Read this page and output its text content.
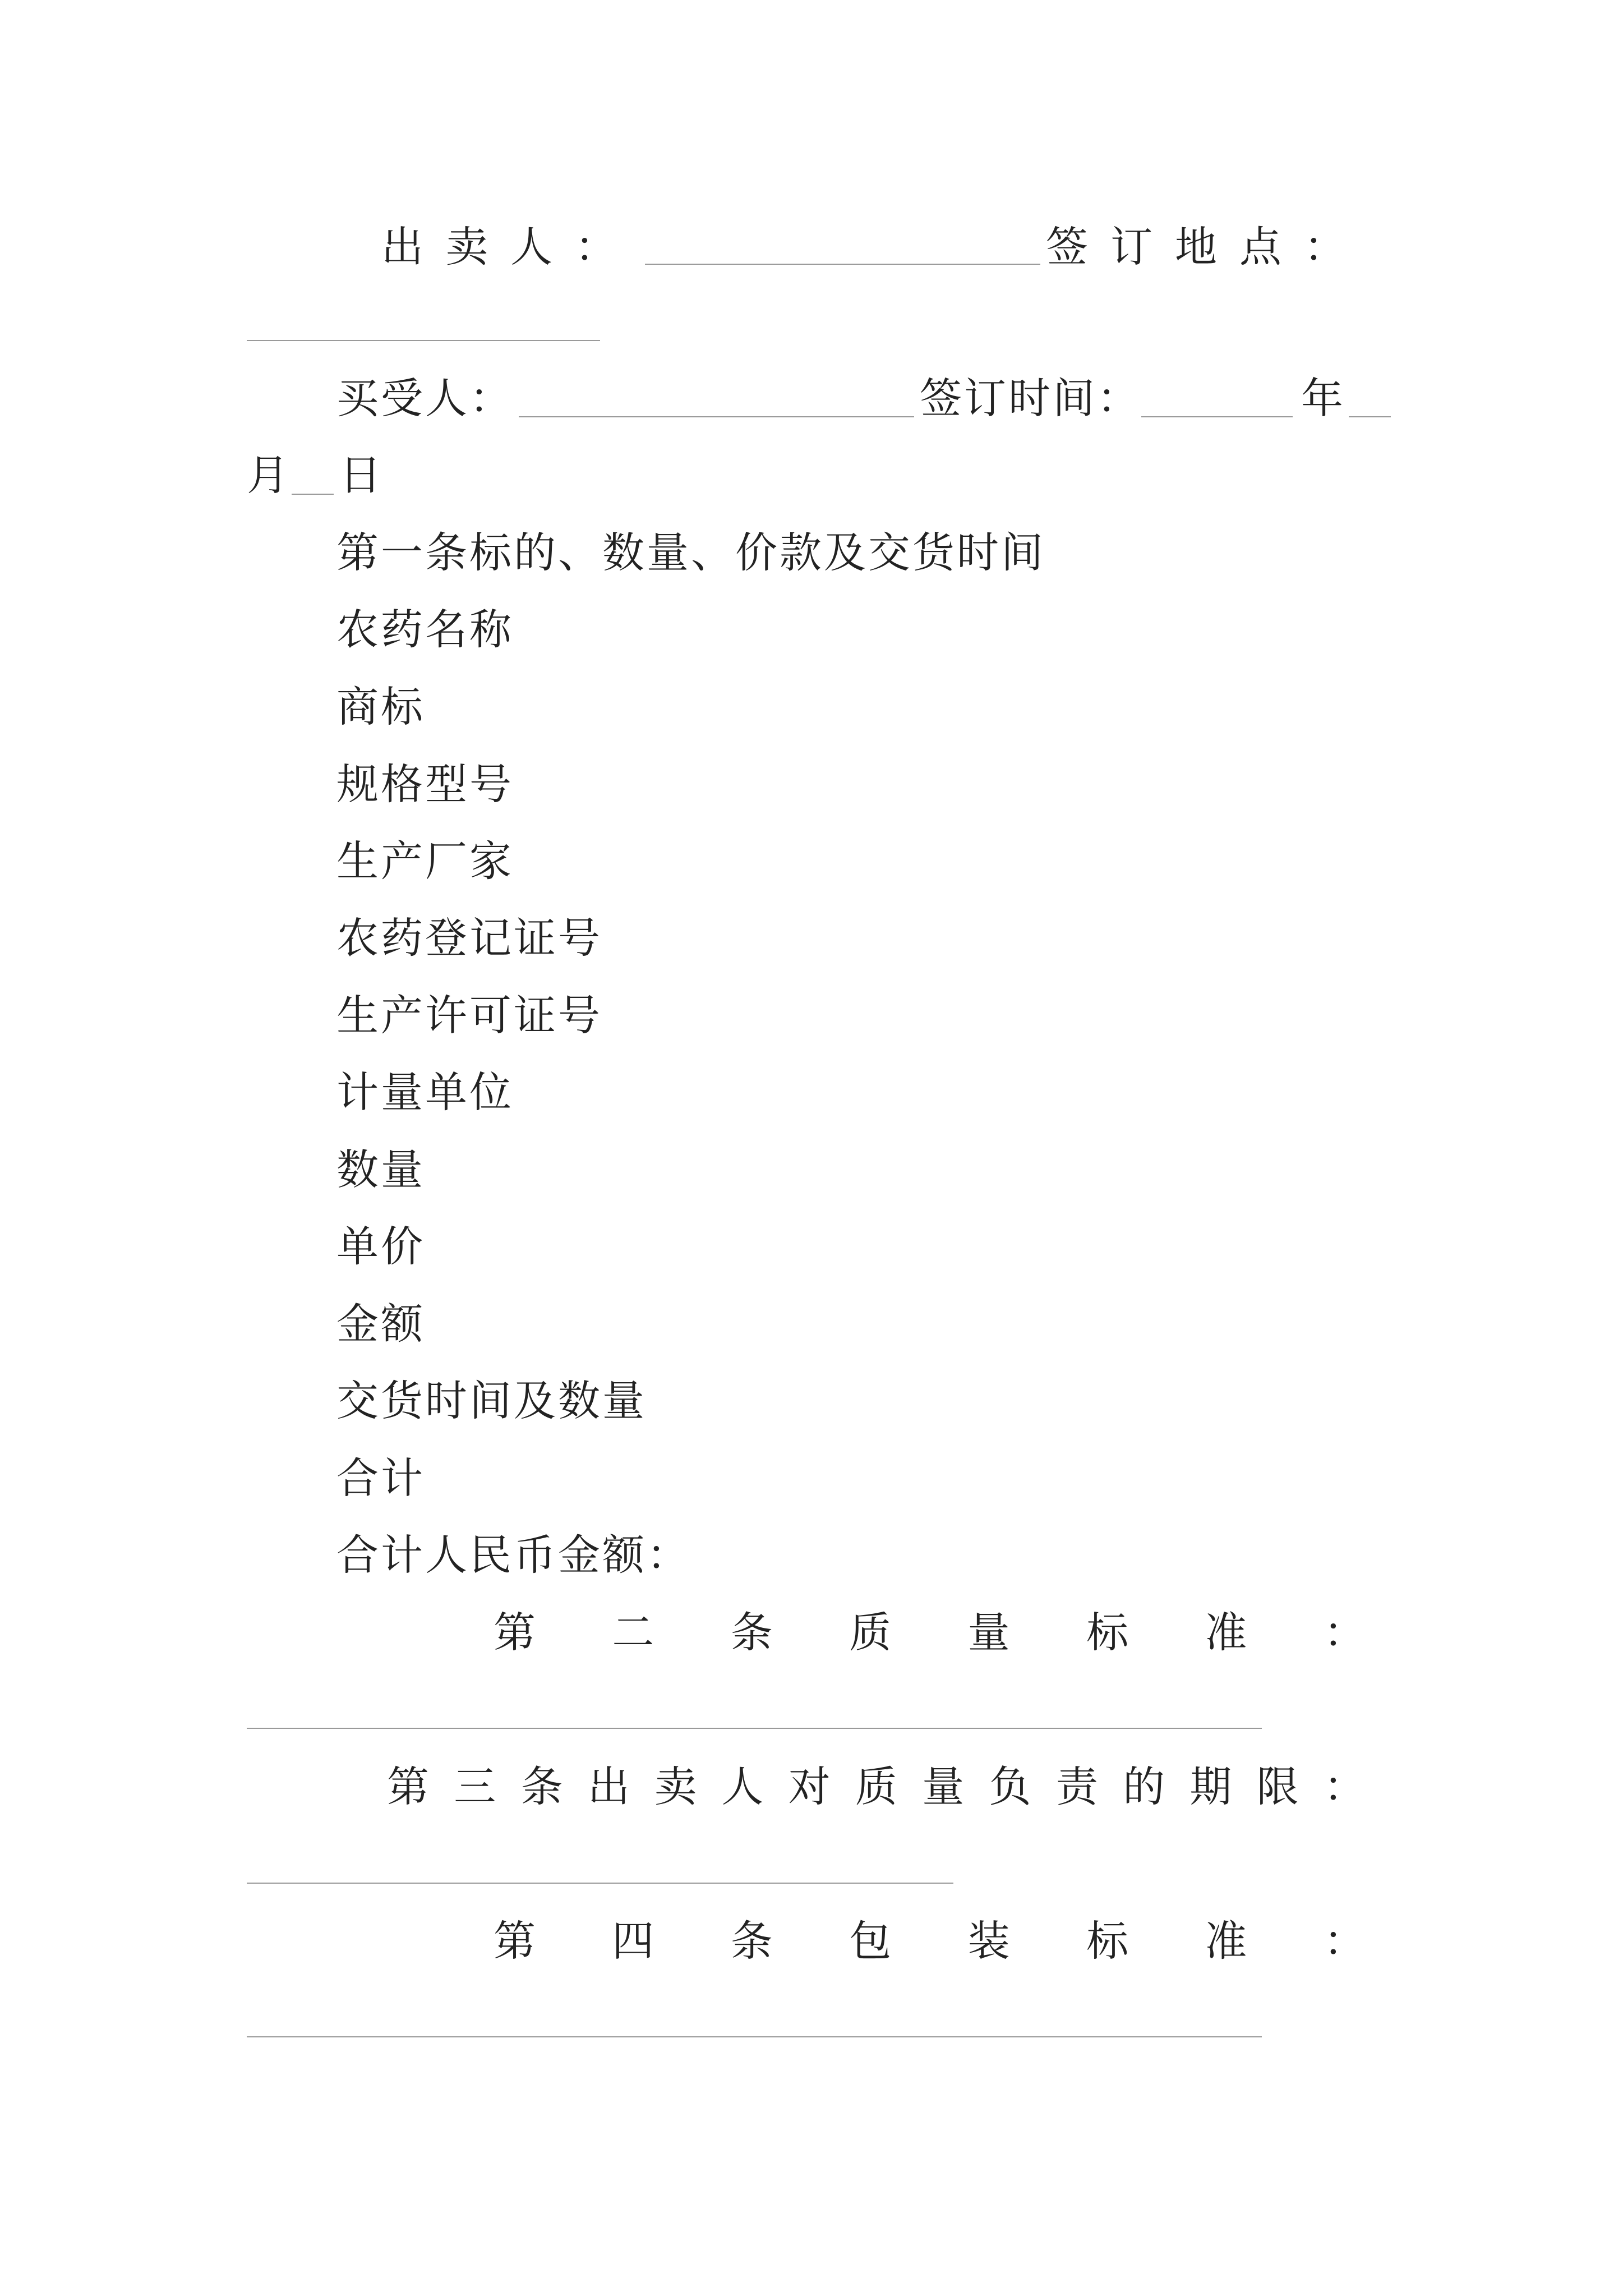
出卖人：	签订地点：
买受人：	签订时间：	年
月 日
第一条标的、数量、价款及交货时间
农药名称
商标
规格型号
生产厂家
农药登记证号
生产许可证号
计量单位
数量
单价
金额
交货时间及数量
合计
合计人民币金额：
第 二 条 质 量 标 准 ：
第 三 条 出 卖 人 对 质 量 负 责 的 期 限 ：
第 四 条 包 装 标 准 ：
